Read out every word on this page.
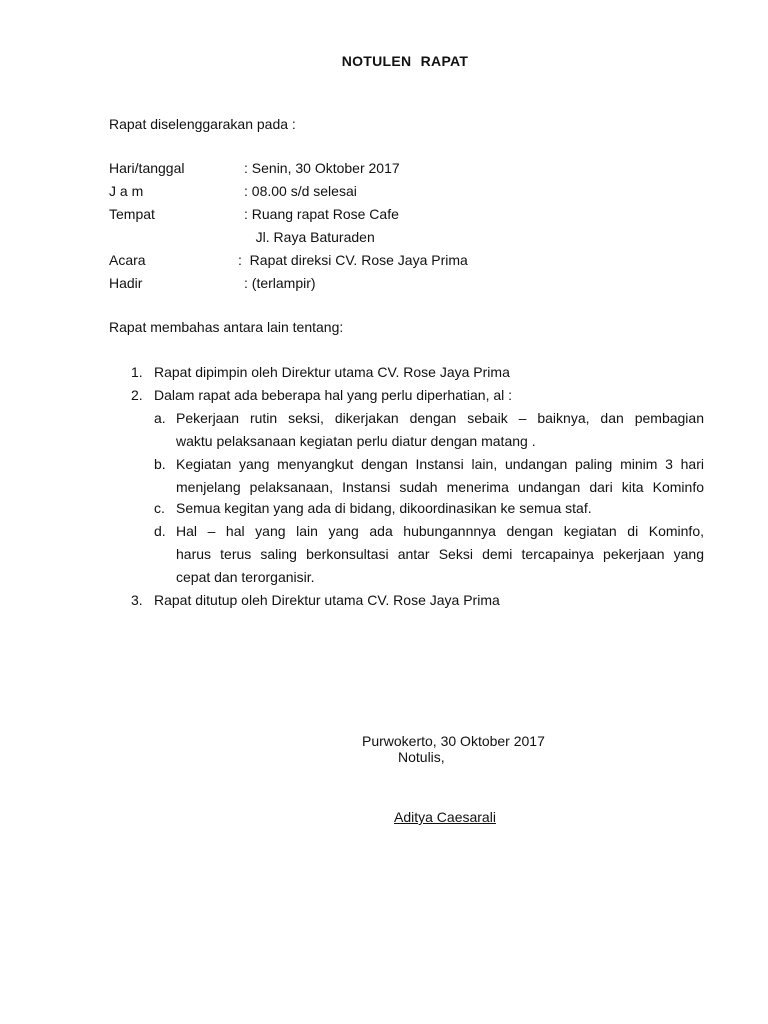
NOTULEN RAPAT
Rapat diselenggarakan pada :
Hari/tanggal	: Senin, 30 Oktober 2017
J a m	: 08.00 s/d selesai
Tempat	: Ruang rapat Rose Cafe
Jl. Raya Baturaden
Acara	:  Rapat direksi CV. Rose Jaya Prima
Hadir	: (terlampir)
Rapat membahas antara lain tentang:
1. Rapat dipimpin oleh Direktur utama CV. Rose Jaya Prima
2. Dalam rapat ada beberapa hal yang perlu diperhatian, al :
a. Pekerjaan rutin seksi, dikerjakan dengan sebaik – baiknya, dan pembagian
waktu pelaksanaan kegiatan perlu diatur dengan matang .
b. Kegiatan yang menyangkut dengan Instansi lain, undangan paling minim 3 hari
menjelang pelaksanaan, Instansi sudah menerima undangan dari kita Kominfo
c. Semua kegitan yang ada di bidang, dikoordinasikan ke semua staf.
d. Hal – hal yang lain yang ada hubungannnya dengan kegiatan di Kominfo,
harus terus saling berkonsultasi antar Seksi demi tercapainya pekerjaan yang
cepat dan terorganisir.
3. Rapat ditutup oleh Direktur utama CV. Rose Jaya Prima
Purwokerto, 30 Oktober 2017
Notulis,
Aditya Caesarali
